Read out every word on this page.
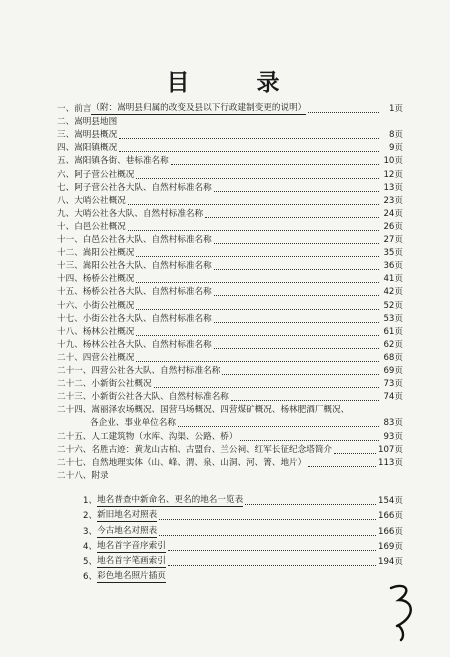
目　录
一、 前言 （附：嵩明县归属的改变及县以下行政建制变更的说明）	1页
二、 嵩明县地图
三、 嵩明县概况	8页
四、 嵩阳镇概况	9页
五、 嵩阳镇各街、巷标准名称	10页
六、 阿子营公社概况	12页
七、 阿子营公社各大队、自然村标准名称	13页
八、 大哨公社概况	23页
九、 大哨公社各大队、自然村标准名称	24页
十、 白邑公社概况	26页
十一、 白邑公社各大队、自然村标准名称	27页
十二、 嵩阳公社概况	35页
十三、 嵩阳公社各大队、自然村标准名称	36页
十四、 杨桥公社概况	41页
十五、 杨桥公社各大队、自然村标准名称	42页
十六、 小街公社概况	52页
十七、 小街公社各大队、自然村标准名称	53页
十八、 杨林公社概况	61页
十九、 杨林公社各大队、自然村标准名称	62页
二十、 四营公社概况	68页
二十一、 四营公社各大队、自然村标准名称	69页
二十二、 小新街公社概况	73页
二十三、 小新街公社各大队、自然村标准名称	74页
二十四、 嵩丽泽农场概况、国营马场概况、四营煤矿概况、杨林肥酒厂概况、
各企业、事业单位名称	83页
二十五、 人工建筑物（水库、沟渠、公路、桥）	93页
二十六、 名胜古迹：黄龙山古柏、古盟台、兰公祠、红军长征纪念塔简介	107页
二十七、 自然地理实体（山、峰、渭、泉、山洞、河、箐、地片）	113页
二十八、 附录
1、 地名普查中新命名、更名的地名一览表	154页
2、 新旧地名对照表	166页
3、 今古地名对照表	166页
4、 地名首字音序索引	169页
5、 地名首字笔画索引	194页
6、 彩色地名照片插页
